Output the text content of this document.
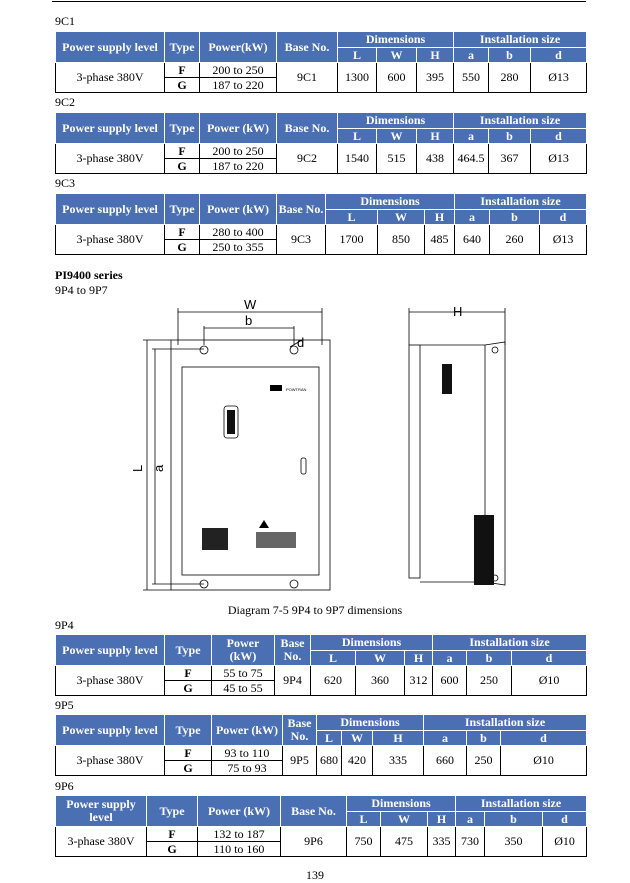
9C1
Power supply level	Type	Power(kW)	Base No.	Dimensions			Installation size		
				L	W	H	a	b	d
3-phase 380V	F	200 to 250	9C1	1300	600	395	550	280	Ø13
	G	187 to 220							
9C2
Power supply level	Type	Power (kW)	Base No.	Dimensions			Installation size		
				L	W	H	a	b	d
3-phase 380V	F	200 to 250	9C2	1540	515	438	464.5	367	Ø13
	G	187 to 220							
9C3
Power supply level	Type	Power (kW)	Base No.	Dimensions			Installation size		
				L	W	H	a	b	d
3-phase 380V	F	280 to 400	9C3	1700	850	485	640	260	Ø13
	G	250 to 355							
PI9400 series
9P4 to 9P7
POWTRAN
W
b
d
H
L a
Diagram 7-5 9P4 to 9P7 dimensions
9P4
Power supply level	Type	Power (kW)	Base No.	Dimensions			Installation size		
				L	W	H	a	b	d
3-phase 380V	F	55 to 75	9P4	620	360	312	600	250	Ø10
	G	45 to 55							
9P5
Power supply level	Type	Power (kW)	Base No.	Dimensions			Installation size		
				L	W	H	a	b	d
3-phase 380V	F	93 to 110	9P5	680	420	335	660	250	Ø10
	G	75 to 93							
9P6
Power supply level	Type	Power (kW)	Base No.	Dimensions			Installation size		
				L	W	H	a	b	d
3-phase 380V	F	132 to 187	9P6	750	475	335	730	350	Ø10
	G	110 to 160							
139
